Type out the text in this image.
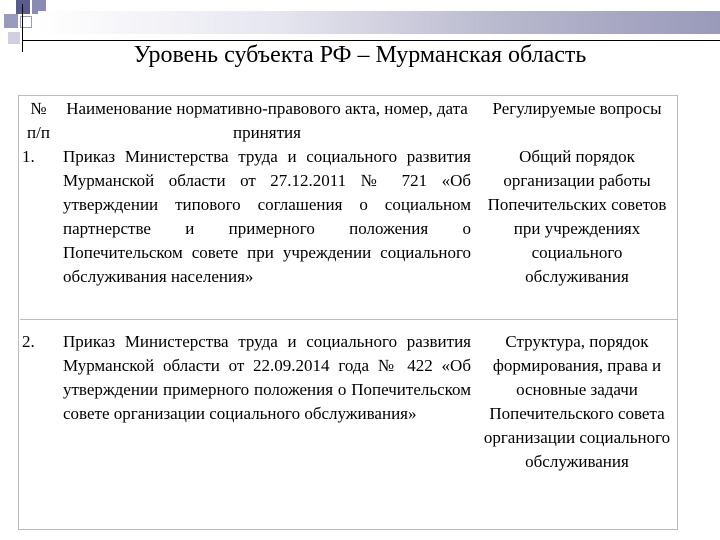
Уровень субъекта РФ – Мурманская область
№ п/п	Наименование нормативно-правового акта, номер, дата принятия	Регулируемые вопросы
1.	Приказ Министерства труда и социального развития Мурманской области от 27.12.2011 № 721 «Об утверждении типового соглашения о социальном партнерстве и примерного положения о Попечительском совете при учреждении социального обслуживания населения»	Общий порядок организации работы Попечительских советов при учреждениях социального обслуживания
2.	Приказ Министерства труда и социального развития Мурманской области от 22.09.2014 года № 422 «Об утверждении примерного положения о Попечительском совете организации социального обслуживания»	Структура, порядок формирования, права и основные задачи Попечительского совета организации социального обслуживания
